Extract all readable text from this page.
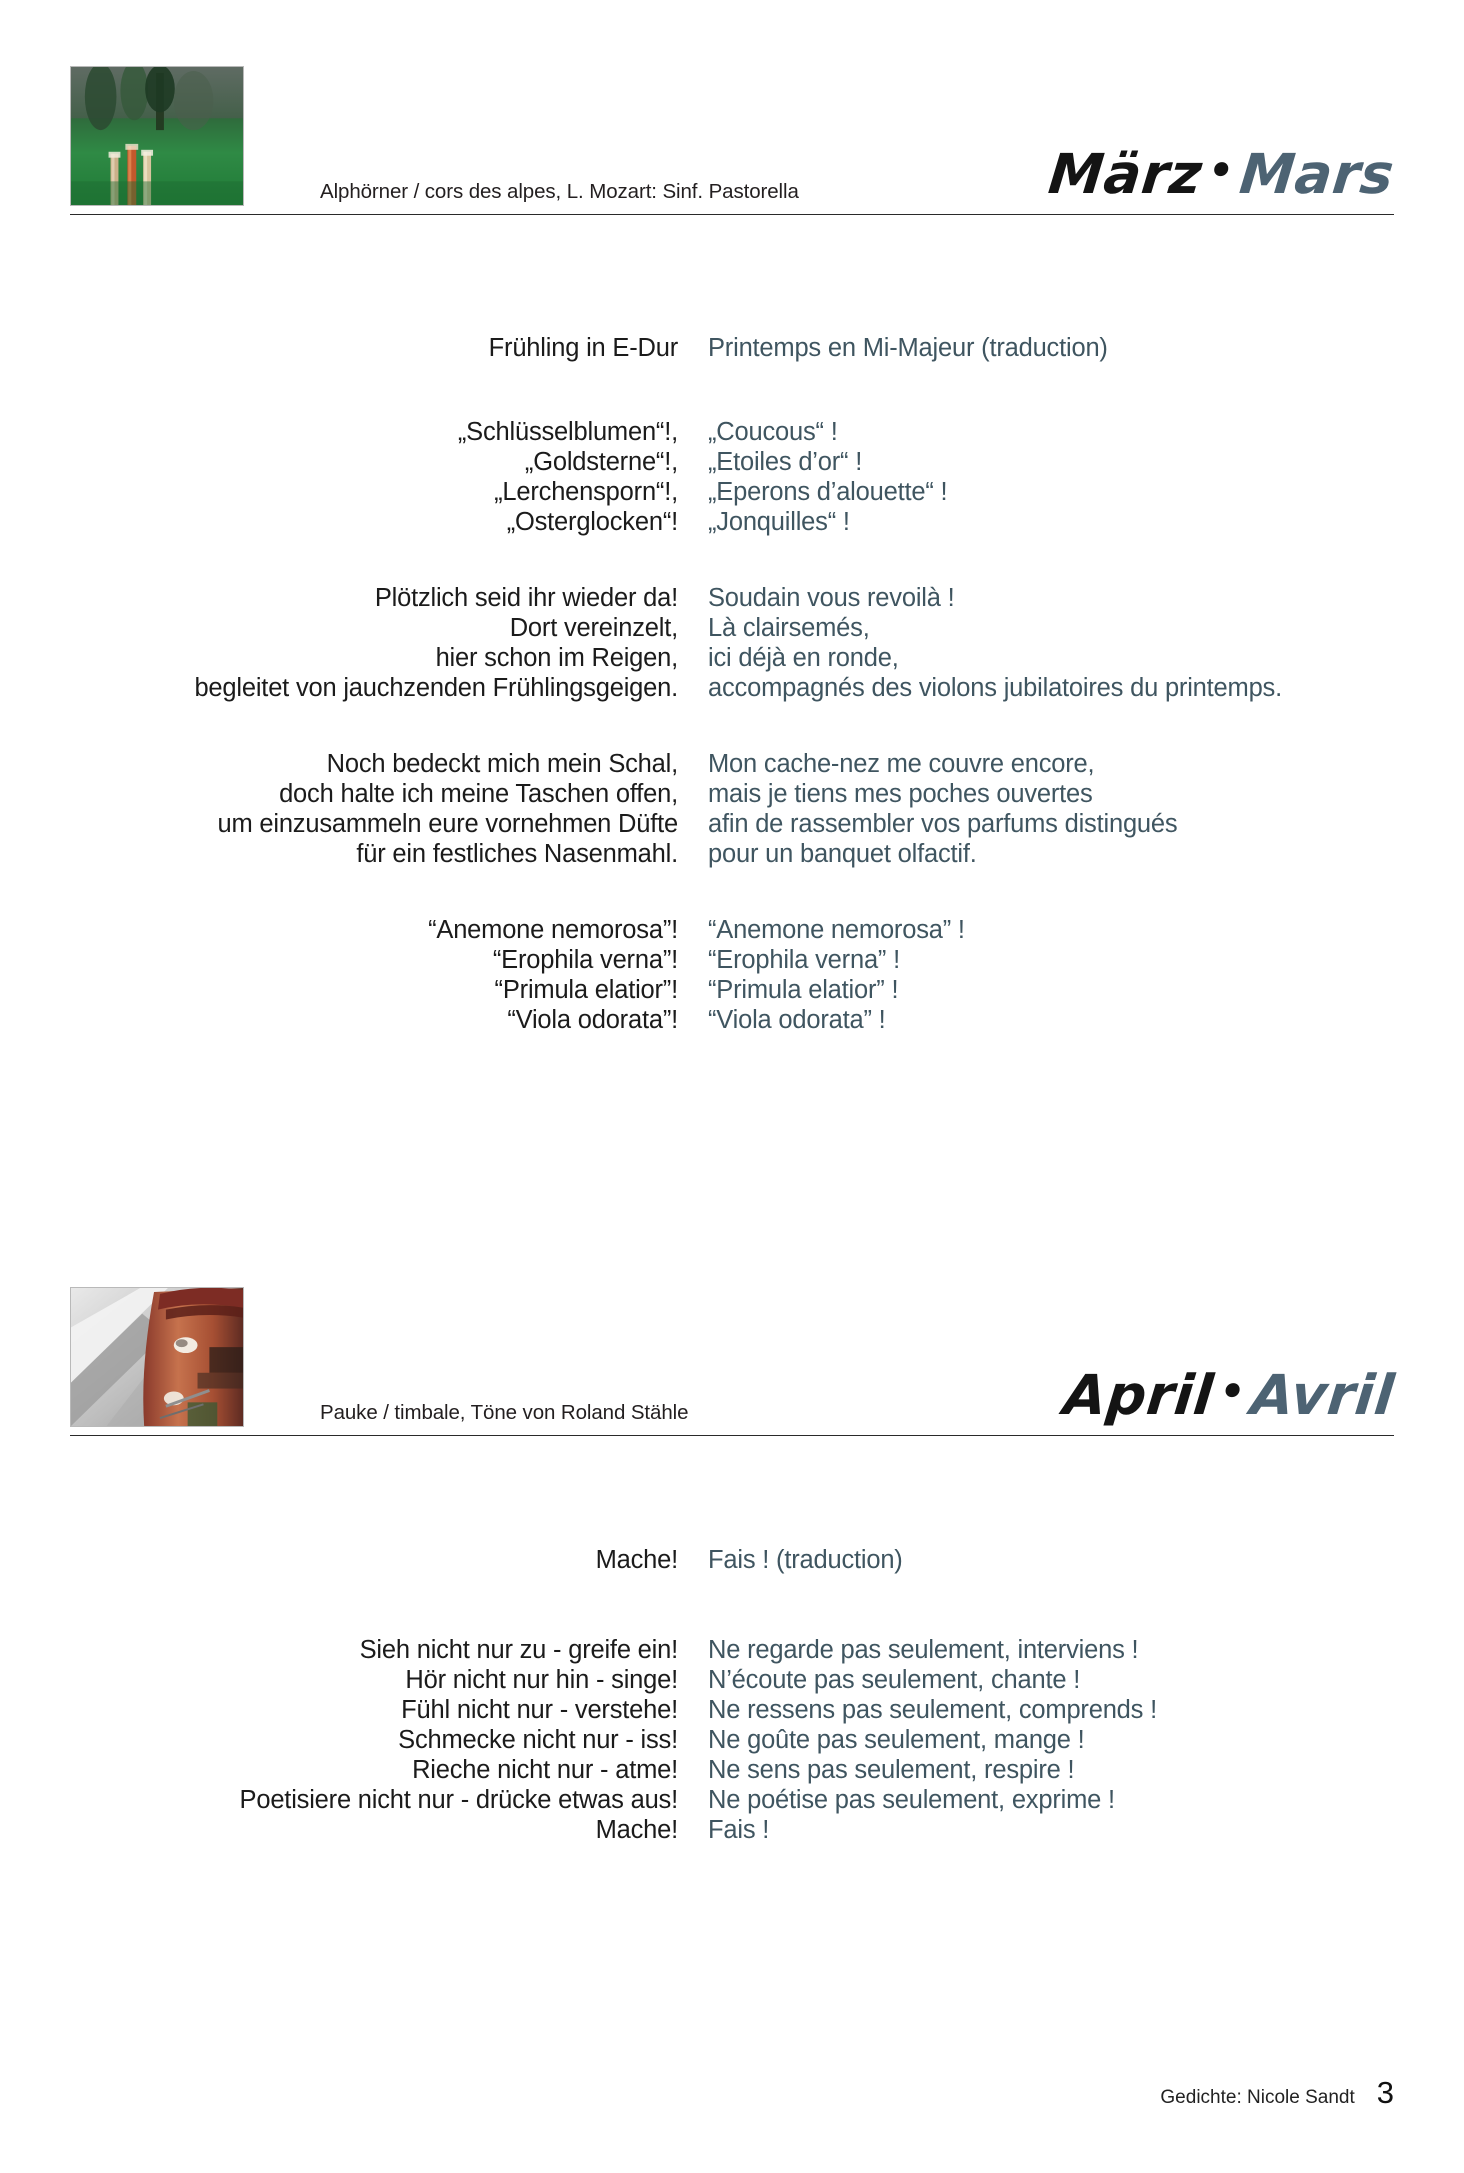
Alphörner / cors des alpes, L. Mozart: Sinf. Pastorella	März•Mars
Frühling in E-Dur Printemps en Mi-Majeur (traduction)
„Schlüsselblumen“!, „Coucous“ !
„Goldsterne“!, „Etoiles d’or“ !
„Lerchensporn“!, „Eperons d’alouette“ !
„Osterglocken“! „Jonquilles“ !
Plötzlich seid ihr wieder da! Soudain vous revoilà !
Dort vereinzelt, Là clairsemés,
hier schon im Reigen, ici déjà en ronde,
begleitet von jauchzenden Frühlingsgeigen. accompagnés des violons jubilatoires du printemps.
Noch bedeckt mich mein Schal, Mon cache-nez me couvre encore,
doch halte ich meine Taschen offen, mais je tiens mes poches ouvertes
um einzusammeln eure vornehmen Düfte afin de rassembler vos parfums distingués
für ein festliches Nasenmahl. pour un banquet olfactif.
“Anemone nemorosa”! “Anemone nemorosa” !
“Erophila verna”! “Erophila verna” !
“Primula elatior”! “Primula elatior” !
“Viola odorata”! “Viola odorata” !
Pauke / timbale, Töne von Roland Stähle	April•Avril
Mache! Fais ! (traduction)
Sieh nicht nur zu - greife ein! Ne regarde pas seulement, interviens !
Hör nicht nur hin - singe! N’écoute pas seulement, chante !
Fühl nicht nur - verstehe! Ne ressens pas seulement, comprends !
Schmecke nicht nur - iss! Ne goûte pas seulement, mange !
Rieche nicht nur - atme! Ne sens pas seulement, respire !
Poetisiere nicht nur - drücke etwas aus! Ne poétise pas seulement, exprime !
Mache! Fais !
Gedichte: Nicole Sandt 3
